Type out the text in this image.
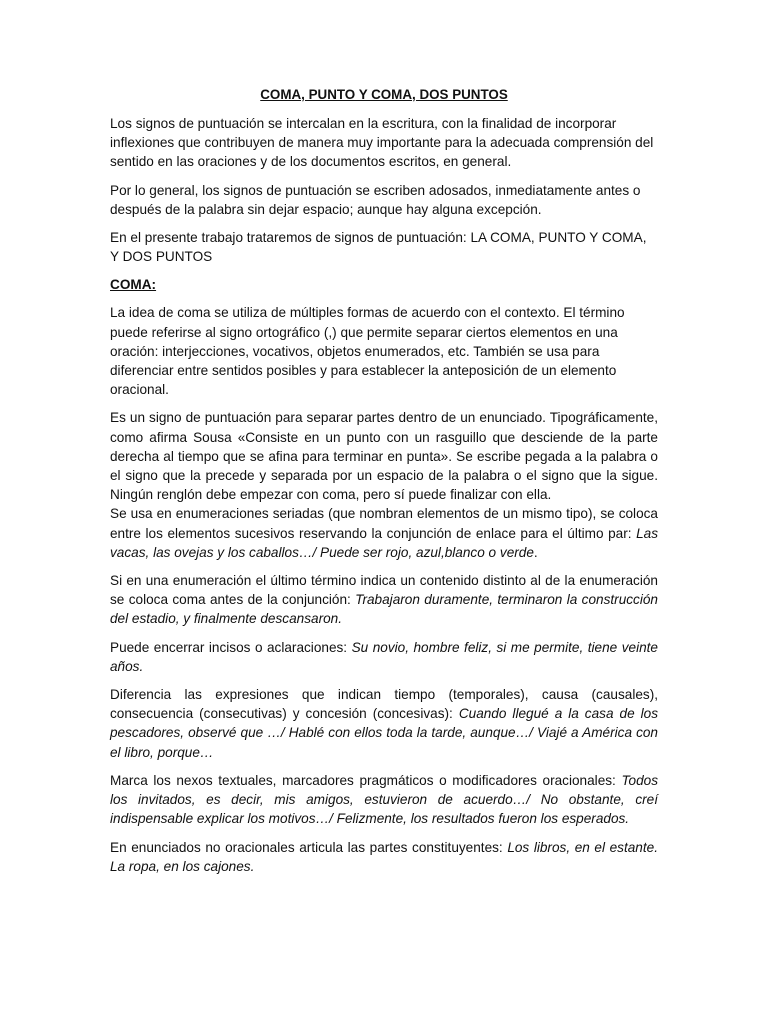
COMA, PUNTO Y COMA, DOS PUNTOS

Los signos de puntuación se intercalan en la escritura, con la finalidad de incorporar inflexiones que contribuyen de manera muy importante para la adecuada comprensión del sentido en las oraciones y de los documentos escritos, en general.

Por lo general, los signos de puntuación se escriben adosados, inmediatamente antes o después de la palabra sin dejar espacio; aunque hay alguna excepción.

En el presente trabajo trataremos de signos de puntuación: LA COMA, PUNTO Y COMA, Y DOS PUNTOS

COMA:

La idea de coma se utiliza de múltiples formas de acuerdo con el contexto. El término puede referirse al signo ortográfico (,) que permite separar ciertos elementos en una oración: interjecciones, vocativos, objetos enumerados, etc. También se usa para diferenciar entre sentidos posibles y para establecer la anteposición de un elemento oracional.

Es un signo de puntuación para separar partes dentro de un enunciado. Tipográficamente, como afirma Sousa «Consiste en un punto con un rasguillo que desciende de la parte derecha al tiempo que se afina para terminar en punta». Se escribe pegada a la palabra o el signo que la precede y separada por un espacio de la palabra o el signo que la sigue. Ningún renglón debe empezar con coma, pero sí puede finalizar con ella.

Se usa en enumeraciones seriadas (que nombran elementos de un mismo tipo), se coloca entre los elementos sucesivos reservando la conjunción de enlace para el último par: Las vacas, las ovejas y los caballos…/ Puede ser rojo, azul,blanco o verde.

Si en una enumeración el último término indica un contenido distinto al de la enumeración se coloca coma antes de la conjunción: Trabajaron duramente, terminaron la construcción del estadio, y finalmente descansaron.

Puede encerrar incisos o aclaraciones: Su novio, hombre feliz, si me permite, tiene veinte años.

Diferencia las expresiones que indican tiempo (temporales), causa (causales), consecuencia (consecutivas) y concesión (concesivas): Cuando llegué a la casa de los pescadores, observé que …/ Hablé con ellos toda la tarde, aunque…/ Viajé a América con el libro, porque…

Marca los nexos textuales, marcadores pragmáticos o modificadores oracionales: Todos los invitados, es decir, mis amigos, estuvieron de acuerdo…/ No obstante, creí indispensable explicar los motivos…/ Felizmente, los resultados fueron los esperados.

En enunciados no oracionales articula las partes constituyentes: Los libros, en el estante. La ropa, en los cajones.
